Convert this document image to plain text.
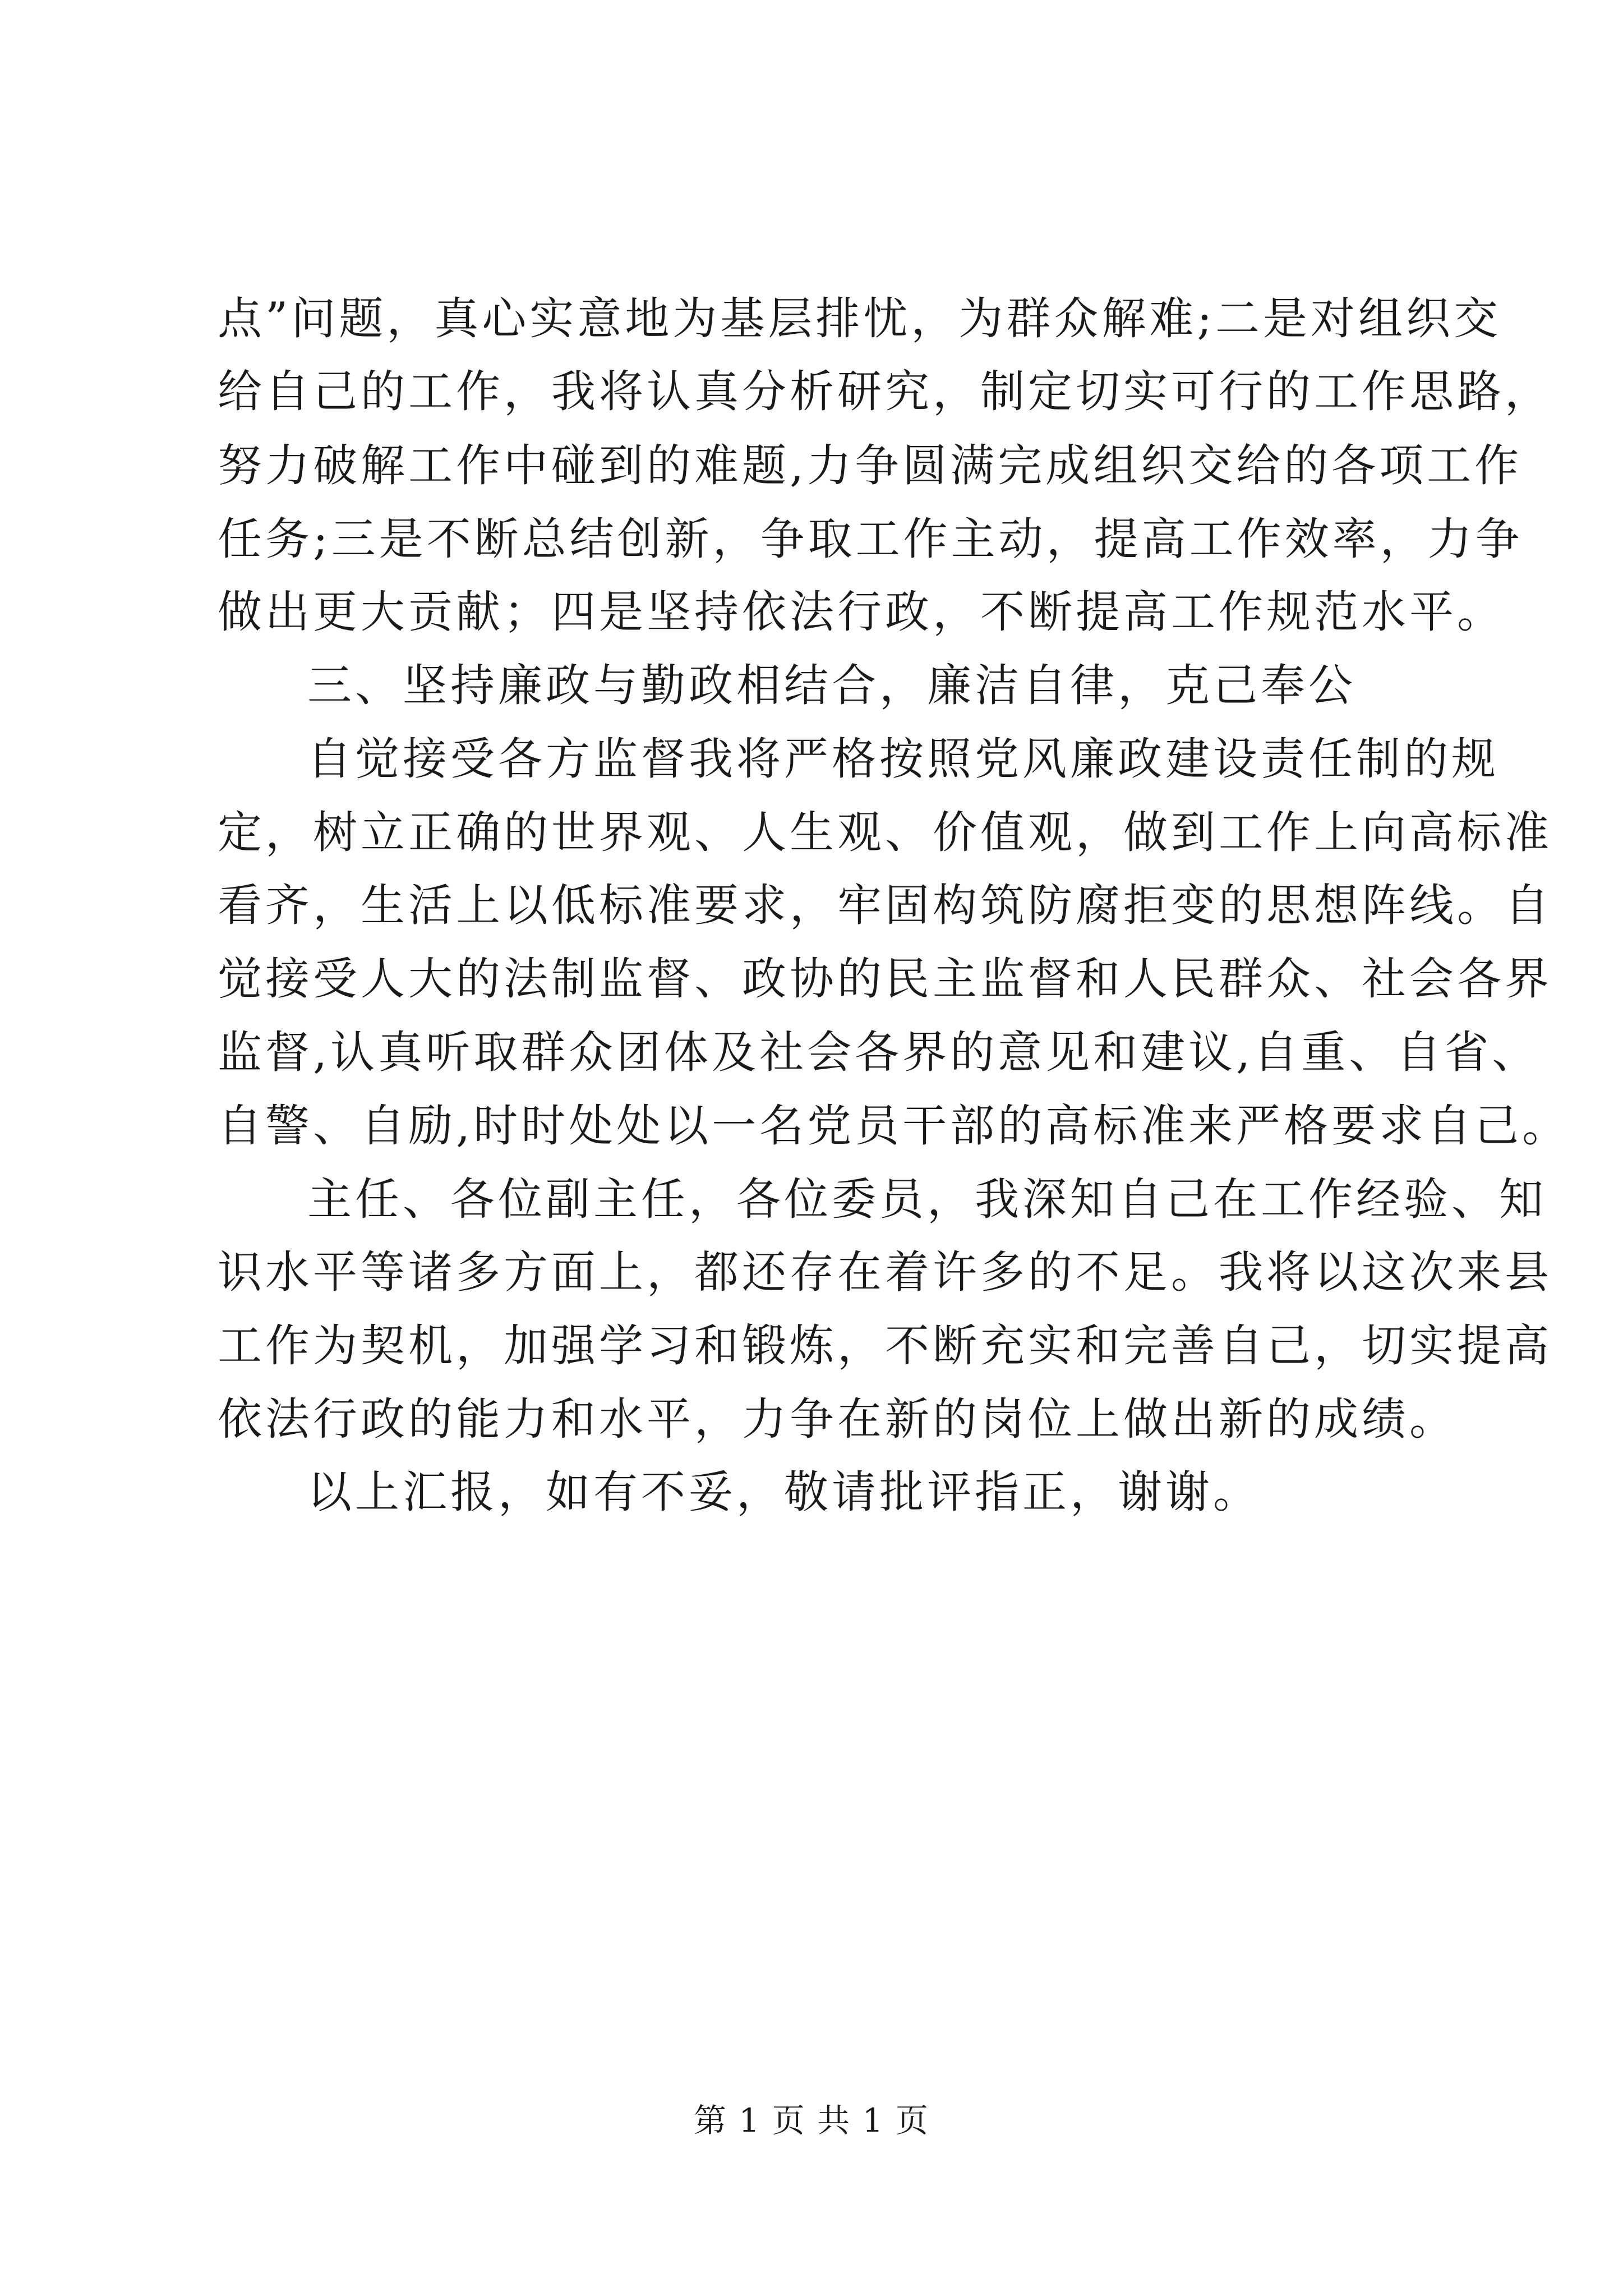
点”问题，真心实意地为基层排忧，为群众解难;二是对组织交
给自己的工作，我将认真分析研究，制定切实可行的工作思路，
努力破解工作中碰到的难题,力争圆满完成组织交给的各项工作
任务;三是不断总结创新，争取工作主动，提高工作效率，力争
做出更大贡献；四是坚持依法行政，不断提高工作规范水平。
三、坚持廉政与勤政相结合，廉洁自律，克己奉公
自觉接受各方监督我将严格按照党风廉政建设责任制的规
定，树立正确的世界观、人生观、价值观，做到工作上向高标准
看齐，生活上以低标准要求，牢固构筑防腐拒变的思想阵线。自
觉接受人大的法制监督、政协的民主监督和人民群众、社会各界
监督,认真听取群众团体及社会各界的意见和建议,自重、自省、
自警、自励,时时处处以一名党员干部的高标准来严格要求自己。
主任、各位副主任，各位委员，我深知自己在工作经验、知
识水平等诸多方面上，都还存在着许多的不足。我将以这次来县
工作为契机，加强学习和锻炼，不断充实和完善自己，切实提高
依法行政的能力和水平，力争在新的岗位上做出新的成绩。
以上汇报，如有不妥，敬请批评指正，谢谢。
第 1 页 共 1 页
